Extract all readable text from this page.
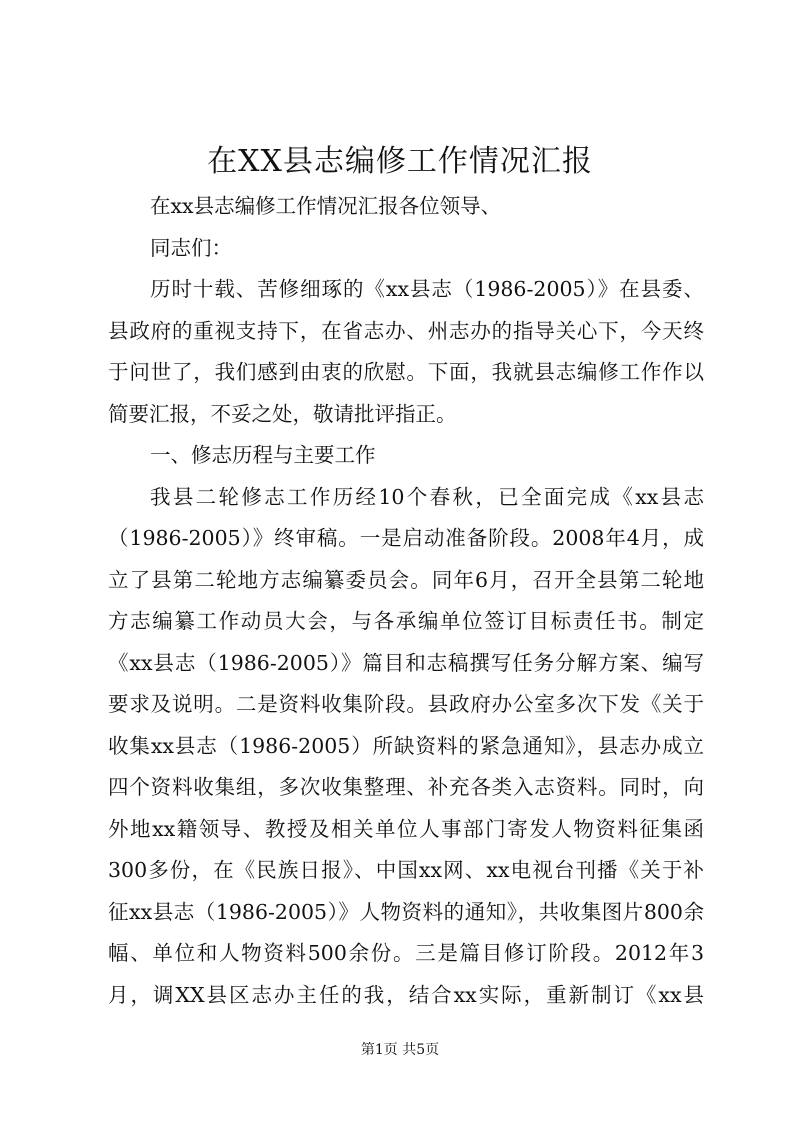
在XX县志编修工作情况汇报
在xx县志编修工作情况汇报各位领导、
同志们：
历时十载、苦修细琢的《xx县志（1986-2005）》在县委、
县政府的重视支持下，在省志办、州志办的指导关心下，今天终
于问世了，我们感到由衷的欣慰。下面，我就县志编修工作作以
简要汇报，不妥之处，敬请批评指正。
一、修志历程与主要工作
我县二轮修志工作历经10个春秋，已全面完成《xx县志
（1986-2005）》终审稿。一是启动准备阶段。2008年4月，成
立了县第二轮地方志编纂委员会。同年6月，召开全县第二轮地
方志编纂工作动员大会，与各承编单位签订目标责任书。制定
《xx县志（1986-2005）》篇目和志稿撰写任务分解方案、编写
要求及说明。二是资料收集阶段。县政府办公室多次下发《关于
收集xx县志（1986-2005）所缺资料的紧急通知》，县志办成立
四个资料收集组，多次收集整理、补充各类入志资料。同时，向
外地xx籍领导、教授及相关单位人事部门寄发人物资料征集函
300多份，在《民族日报》、中国xx网、xx电视台刊播《关于补
征xx县志（1986-2005）》人物资料的通知》，共收集图片800余
幅、单位和人物资料500余份。三是篇目修订阶段。2012年3
月，调XX县区志办主任的我，结合xx实际，重新制订《xx县
第1页 共5页
